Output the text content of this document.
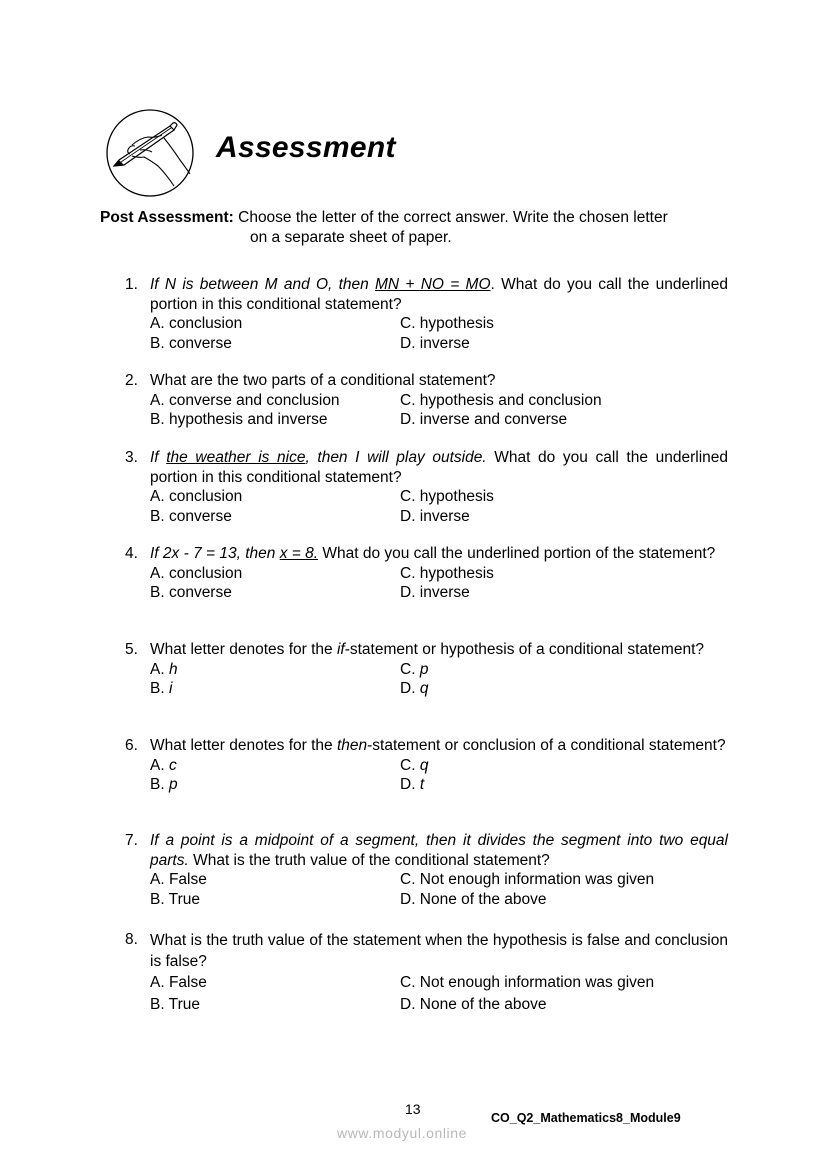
Assessment
Post Assessment: Choose the letter of the correct answer. Write the chosen letter
on a separate sheet of paper.
1. If N is between M and O, then MN + NO = MO. What do you call the underlined portion in this conditional statement?
A. conclusion	C. hypothesis
B. converse	D. inverse
2. What are the two parts of a conditional statement?
A. converse and conclusion	C. hypothesis and conclusion
B. hypothesis and inverse	D. inverse and converse
3. If the weather is nice, then I will play outside. What do you call the underlined portion in this conditional statement?
A. conclusion	C. hypothesis
B. converse	D. inverse
4. If 2x - 7 = 13, then x = 8. What do you call the underlined portion of the statement?
A. conclusion	C. hypothesis
B. converse	D. inverse
5. What letter denotes for the if-statement or hypothesis of a conditional statement?
A. h	C. p
B. i	D. q
6. What letter denotes for the then-statement or conclusion of a conditional statement?
A. c	C. q
B. p	D. t
7. If a point is a midpoint of a segment, then it divides the segment into two equal parts. What is the truth value of the conditional statement?
A. False	C. Not enough information was given
B. True	D. None of the above
8. What is the truth value of the statement when the hypothesis is false and conclusion is false?
A. False	C. Not enough information was given
B. True	D. None of the above
13
CO_Q2_Mathematics8_Module9
www.modyul.online
